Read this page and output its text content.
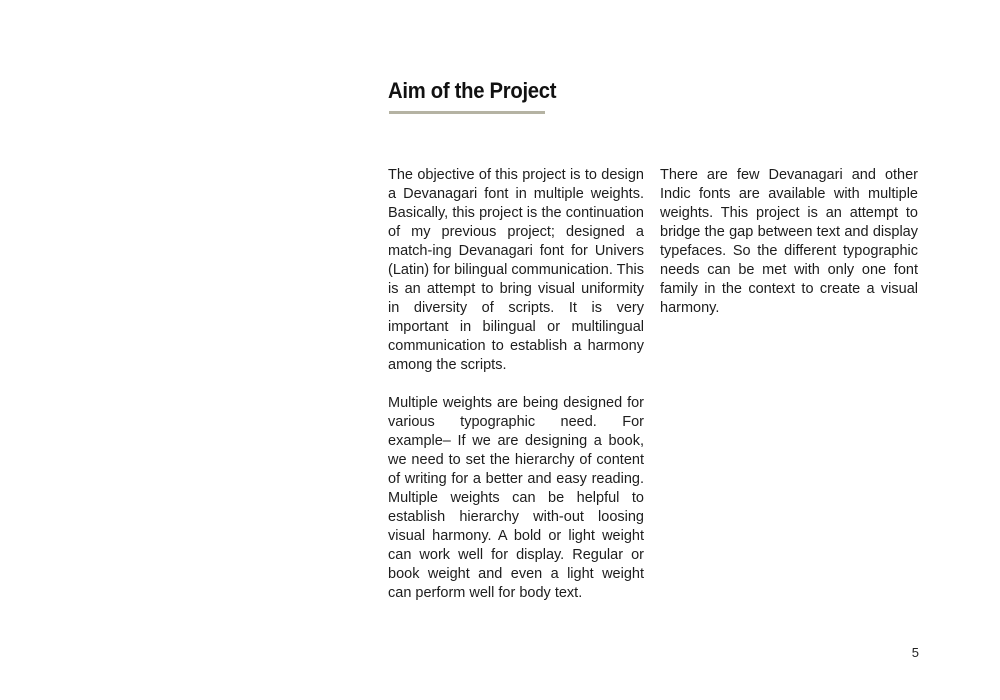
Aim of the Project

The objective of this project is to design a Devanagari font in multiple weights. Basically, this project is the continuation of my previous project; designed a match-ing Devanagari font for Univers (Latin) for bilingual communication. This is an attempt to bring visual uniformity in diversity of scripts. It is very important in bilingual or multilingual communication to establish a harmony among the scripts.

Multiple weights are being designed for various typographic need. For example– If we are designing a book, we need to set the hierarchy of content of writing for a better and easy reading. Multiple weights can be helpful to establish hierarchy with-out loosing visual harmony. A bold or light weight can work well for display. Regular or book weight and even a light weight can perform well for body text.

There are few Devanagari and other Indic fonts are available with multiple weights. This project is an attempt to bridge the gap between text and display typefaces. So the different typographic needs can be met with only one font family in the context to create a visual harmony.

5
